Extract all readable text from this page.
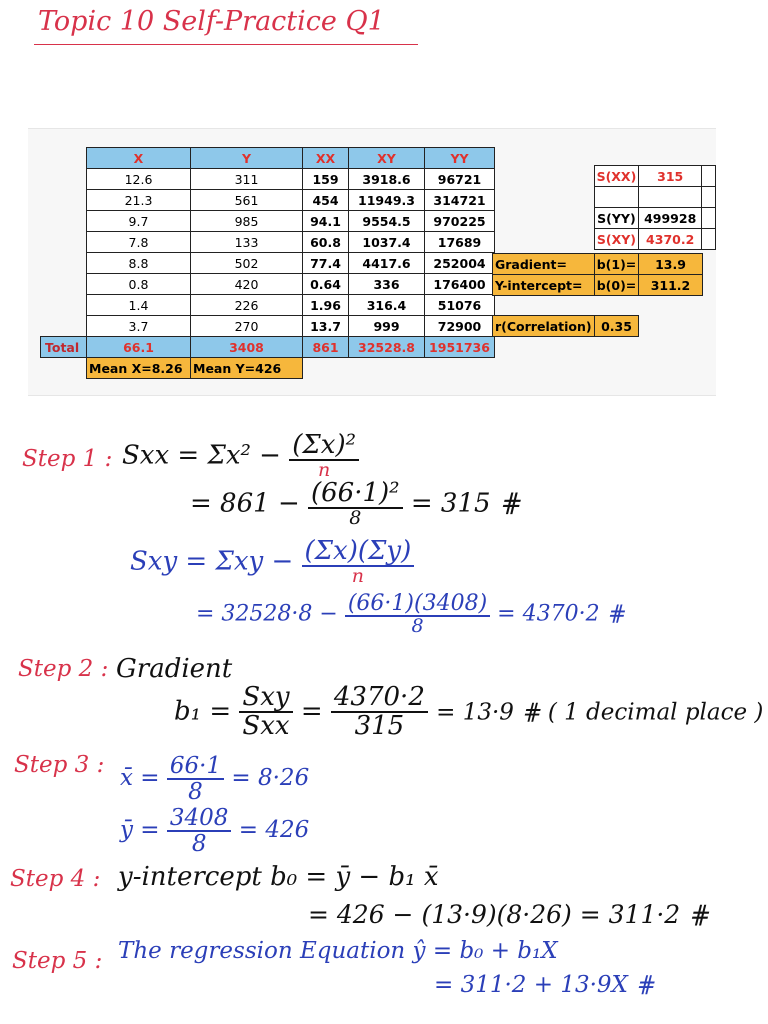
Topic 10 Self-Practice Q1
	X	Y	XX	XY	YY
	12.6	311	159	3918.6	96721
	21.3	561	454	11949.3	314721
	9.7	985	94.1	9554.5	970225
	7.8	133	60.8	1037.4	17689
	8.8	502	77.4	4417.6	252004
	0.8	420	0.64	336	176400
	1.4	226	1.96	316.4	51076
	3.7	270	13.7	999	72900
Total	66.1	3408	861	32528.8	1951736
	Mean X=8.26	Mean Y=426			
S(XX)	315	

S(YY)	499928	
S(XY)	4370.2	
Gradient=	b(1)=	13.9
Y-intercept=	b(0)=	311.2
r(Correlation)	0.35
Step 1 : Sxx = $\Sigma x^2 - \frac{\text{(Σx)²}}{n}$
= $861 - \frac{\text{(66·1)²}}{8} = 315$ ⋕
Sxy = $\Sigma xy - \frac{(\Sigma x)(\Sigma y)}{n}$
= $32528\cdot 8 - \frac{(66\cdot 1)(3408)}{8} = 4370\cdot 2$ ⋕
Step 2 : Gradient
$b_1 = \frac{\text{Sxy}}{\text{Sxx}} = \frac{4370\cdot 2}{315} = 13\cdot 9$ ⋕ ( 1 decimal place )
Step 3 :
x̄ = $\frac{66\cdot 1}{8} = 8\cdot 26$
ȳ = $\frac{3408}{8} = 426$
Step 4 : y-intercept b₀ = ȳ − b₁ x̄
= 426 − (13·9)(8·26) = 311·2 ⋕
Step 5 : The regression Equation ŷ = b₀ + b₁X
= 311·2 + 13·9X ⋕
